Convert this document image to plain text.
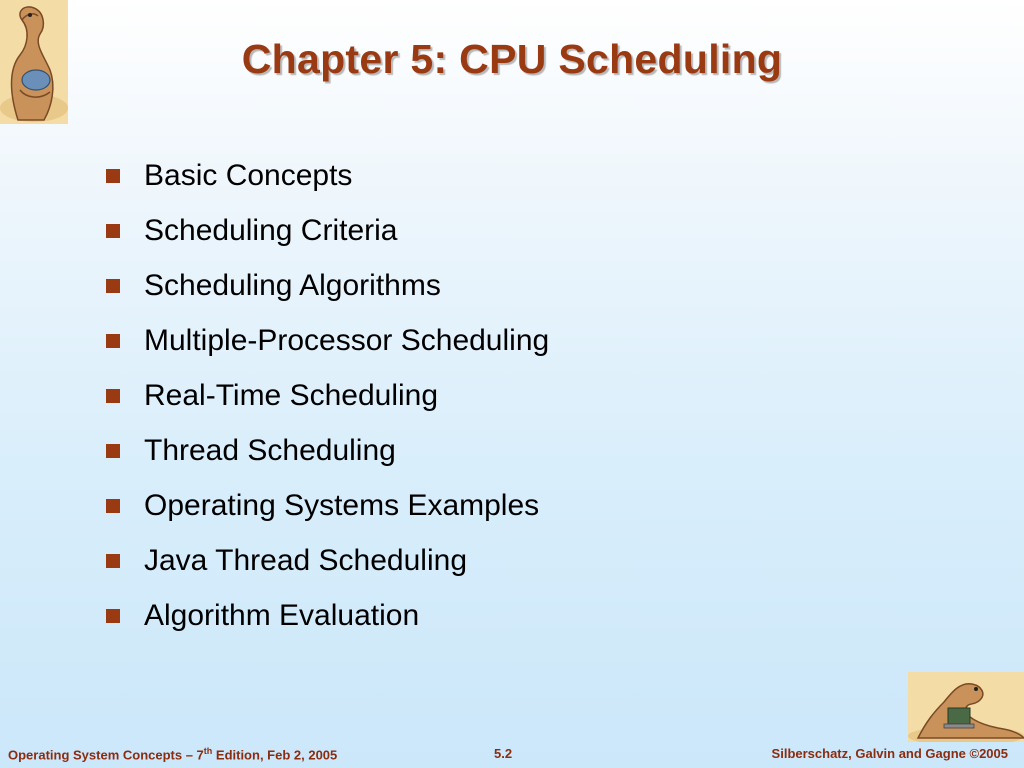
Chapter 5: CPU Scheduling
Basic Concepts
Scheduling Criteria
Scheduling Algorithms
Multiple-Processor Scheduling
Real-Time Scheduling
Thread Scheduling
Operating Systems Examples
Java Thread Scheduling
Algorithm Evaluation
Operating System Concepts – 7th Edition, Feb 2, 2005	5.2	Silberschatz, Galvin and Gagne ©2005
